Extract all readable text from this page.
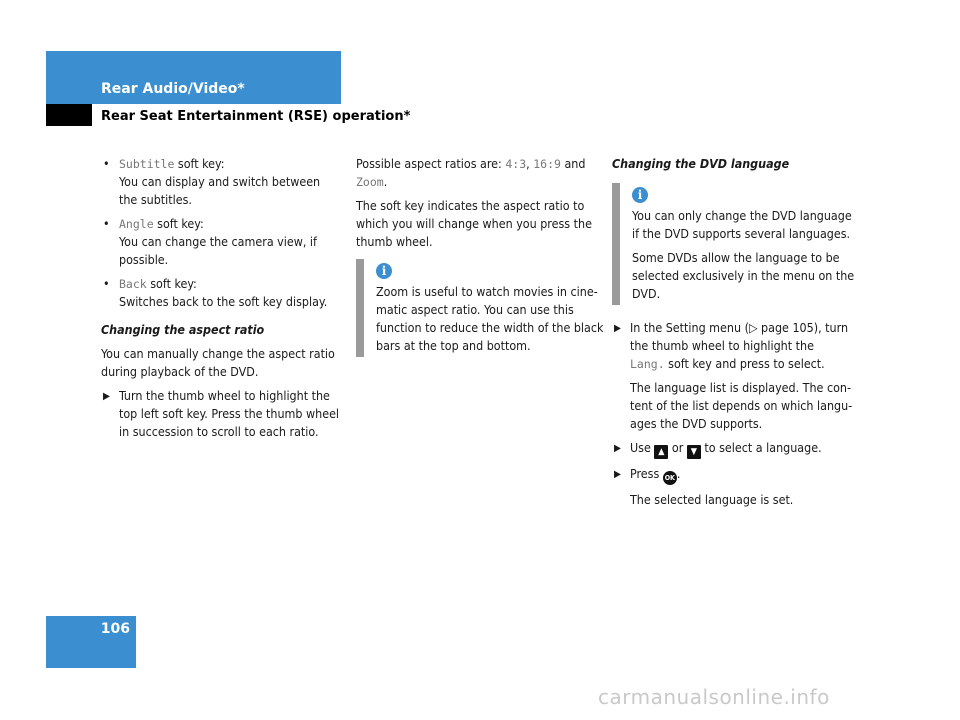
Rear Audio/Video*
Rear Seat Entertainment (RSE) operation*
• Subtitle soft key:
You can display and switch between the subtitles.
• Angle soft key:
You can change the camera view, if possible.
• Back soft key:
Switches back to the soft key display.
Changing the aspect ratio

You can manually change the aspect ratio during playback of the DVD.

▶ Turn the thumb wheel to highlight the top left soft key. Press the thumb wheel in succession to scroll to each ratio.

Possible aspect ratios are: 4:3, 16:9 and Zoom.

The soft key indicates the aspect ratio to which you will change when you press the thumb wheel.

i
Zoom is useful to watch movies in cine-matic aspect ratio. You can use this function to reduce the width of the black bars at the top and bottom.
Changing the DVD language
i

You can only change the DVD language if the DVD supports several languages.

Some DVDs allow the language to be selected exclusively in the menu on the DVD.

▶ In the Setting menu (▷ page 105), turn the thumb wheel to highlight the
Lang. soft key and press to select.

The language list is displayed. The con-tent of the list depends on which langu-ages the DVD supports.

▶ Use ▲ or ▼ to select a language.
▶ Press OK .

The selected language is set.

106
carmanualsonline.info
